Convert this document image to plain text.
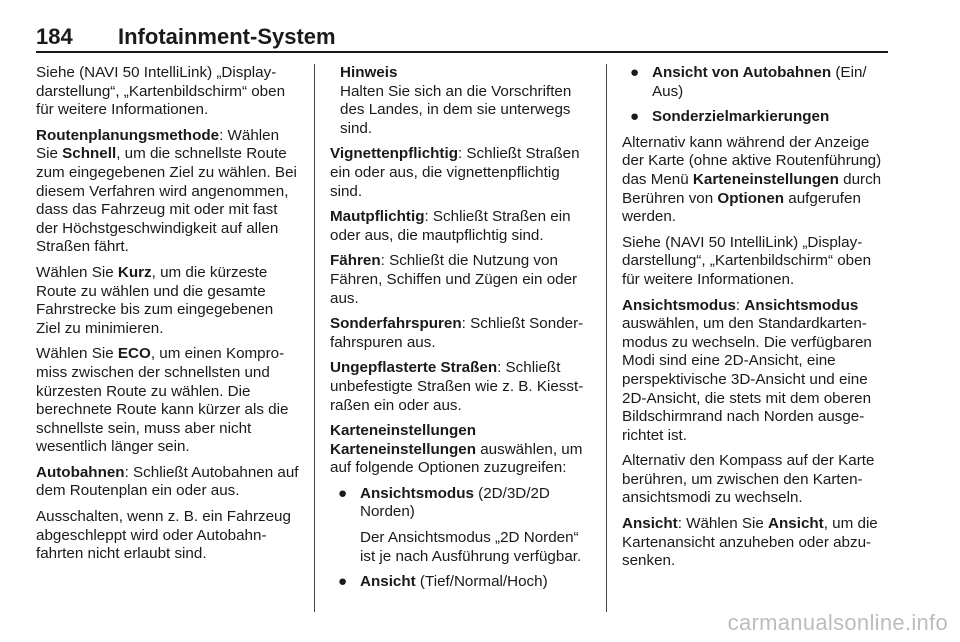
184 Infotainment-System

Siehe (NAVI 50 IntelliLink) „Displaydarstellung“, „Kartenbildschirm“ oben für weitere Informationen.

Routenplanungsmethode: Wählen Sie Schnell, um die schnellste Route zum eingegebenen Ziel zu wählen. Bei diesem Verfahren wird angenommen, dass das Fahrzeug mit oder mit fast der Höchstgeschwindigkeit auf allen Straßen fährt.

Wählen Sie Kurz, um die kürzeste Route zu wählen und die gesamte Fahrstrecke bis zum eingegebenen Ziel zu minimieren.

Wählen Sie ECO, um einen Kompromiss zwischen der schnellsten und kürzesten Route zu wählen. Die berechnete Route kann kürzer als die schnellste sein, muss aber nicht wesentlich länger sein.

Autobahnen: Schließt Autobahnen auf dem Routenplan ein oder aus.

Ausschalten, wenn z. B. ein Fahrzeug abgeschleppt wird oder Autobahnfahrten nicht erlaubt sind.

Hinweis

Halten Sie sich an die Vorschriften des Landes, in dem sie unterwegs sind.

Vignettenpflichtig: Schließt Straßen ein oder aus, die vignettenpflichtig sind.

Mautpflichtig: Schließt Straßen ein oder aus, die mautpflichtig sind.

Fähren: Schließt die Nutzung von Fähren, Schiffen und Zügen ein oder aus.

Sonderfahrspuren: Schließt Sonderfahrspuren aus.

Ungepflasterte Straßen: Schließt unbefestigte Straßen wie z. B. Kiesstraßen ein oder aus.

Karteneinstellungen

Karteneinstellungen auswählen, um auf folgende Optionen zuzugreifen:

● Ansichtsmodus (2D/3D/2D Norden)

Der Ansichtsmodus „2D Norden“ ist je nach Ausführung verfügbar.

● Ansicht (Tief/Normal/Hoch)
● Ansicht von Autobahnen (Ein/ Aus)
● Sonderzielmarkierungen

Alternativ kann während der Anzeige der Karte (ohne aktive Routenführung) das Menü Karteneinstellungen durch Berühren von Optionen aufgerufen werden.

Siehe (NAVI 50 IntelliLink) „Displaydarstellung“, „Kartenbildschirm“ oben für weitere Informationen.

Ansichtsmodus: Ansichtsmodus auswählen, um den Standardkartenmodus zu wechseln. Die verfügbaren Modi sind eine 2D-Ansicht, eine perspektivische 3D-Ansicht und eine 2D-Ansicht, die stets mit dem oberen Bildschirmrand nach Norden ausgerichtet ist.

Alternativ den Kompass auf der Karte berühren, um zwischen den Kartenansichtsmodi zu wechseln.

Ansicht: Wählen Sie Ansicht, um die Kartenansicht anzuheben oder abzusenken.

carmanualsonline.info
